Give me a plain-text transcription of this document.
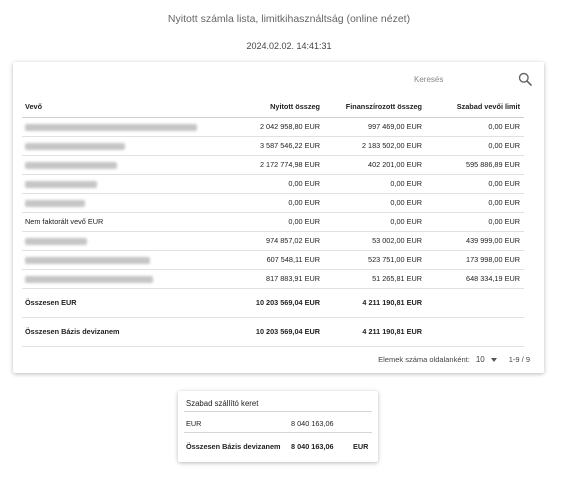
Nyitott számla lista, limitkihasználtság (online nézet)
2024.02.02. 14:41:31
Keresés
Vevő	Nyitott összeg	Finanszírozott összeg	Szabad vevői limit
	2 042 958,80 EUR	997 469,00 EUR	0,00 EUR
	3 587 546,22 EUR	2 183 502,00 EUR	0,00 EUR
	2 172 774,98 EUR	402 201,00 EUR	595 886,89 EUR
	0,00 EUR	0,00 EUR	0,00 EUR
	0,00 EUR	0,00 EUR	0,00 EUR
Nem faktorált vevő EUR	0,00 EUR	0,00 EUR	0,00 EUR
	974 857,02 EUR	53 002,00 EUR	439 999,00 EUR
	607 548,11 EUR	523 751,00 EUR	173 998,00 EUR
	817 883,91 EUR	51 265,81 EUR	648 334,19 EUR
Összesen EUR	10 203 569,04 EUR	4 211 190,81 EUR	
Összesen Bázis devizanem	10 203 569,04 EUR	4 211 190,81 EUR	
Elemek száma oldalanként: 10	1-9 / 9
Szabad szállító keret
EUR	8 040 163,06
Összesen Bázis devizanem 8 040 163,06	EUR
